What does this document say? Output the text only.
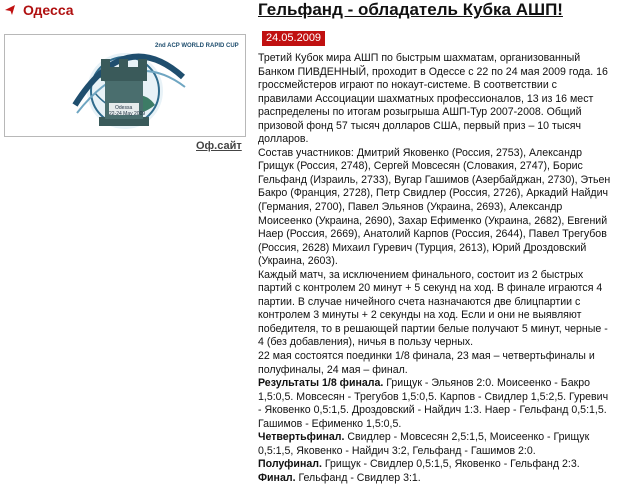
Одесса
2nd ACP WORLD RAPID CUP
Odessa
22-24 May 2009
Оф.сайт
Гельфанд - обладатель Кубка АШП!
24.05.2009

Третий Кубок мира АШП по быстрым шахматам, организованный Банком ПИВДЕННЫЙ, проходит в Одессе с 22 по 24 мая 2009 года. 16 гроссмейстеров играют по нокаут-системе. В соответствии с правилами Ассоциации шахматных профессионалов, 13 из 16 мест распределены по итогам розыгрыша АШП-Тур 2007-2008. Общий призовой фонд 57 тысяч долларов США, первый приз – 10 тысяч долларов.

Состав участников: Дмитрий Яковенко (Россия, 2753), Александр Грищук (Россия, 2748), Сергей Мовсесян (Словакия, 2747), Борис Гельфанд (Израиль, 2733), Вугар Гашимов (Азербайджан, 2730), Этьен Бакро (Франция, 2728), Петр Свидлер (Россия, 2726), Аркадий Найдич (Германия, 2700), Павел Эльянов (Украина, 2693), Александр Моисеенко (Украина, 2690), Захар Ефименко (Украина, 2682), Евгений Наер (Россия, 2669), Анатолий Карпов (Россия, 2644), Павел Трегубов (Россия, 2628) Михаил Гуревич (Турция, 2613), Юрий Дроздовский (Украина, 2603).

Каждый матч, за исключением финального, состоит из 2 быстрых партий с контролем 20 минут + 5 секунд на ход. В финале играются 4 партии. В случае ничейного счета назначаются две блицпартии с контролем 3 минуты + 2 секунды на ход. Если и они не выявляют победителя, то в решающей партии белые получают 5 минут, черные - 4 (без добавления), ничья в пользу черных.

22 мая состоятся поединки 1/8 финала, 23 мая – четвертьфиналы и полуфиналы, 24 мая – финал.

Результаты 1/8 финала. Грищук - Эльянов 2:0. Моисеенко - Бакро 1,5:0,5. Мовсесян - Трегубов 1,5:0,5. Карпов - Свидлер 1,5:2,5. Гуревич - Яковенко 0,5:1,5. Дроздовский - Найдич 1:3. Наер - Гельфанд 0,5:1,5. Гашимов - Ефименко 1,5:0,5.

Четвертьфинал. Свидлер - Мовсесян 2,5:1,5, Моисеенко - Грищук 0,5:1,5, Яковенко - Найдич 3:2, Гельфанд - Гашимов 2:0.

Полуфинал. Грищук - Свидлер 0,5:1,5, Яковенко - Гельфанд 2:3.

Финал. Гельфанд - Свидлер 3:1.
